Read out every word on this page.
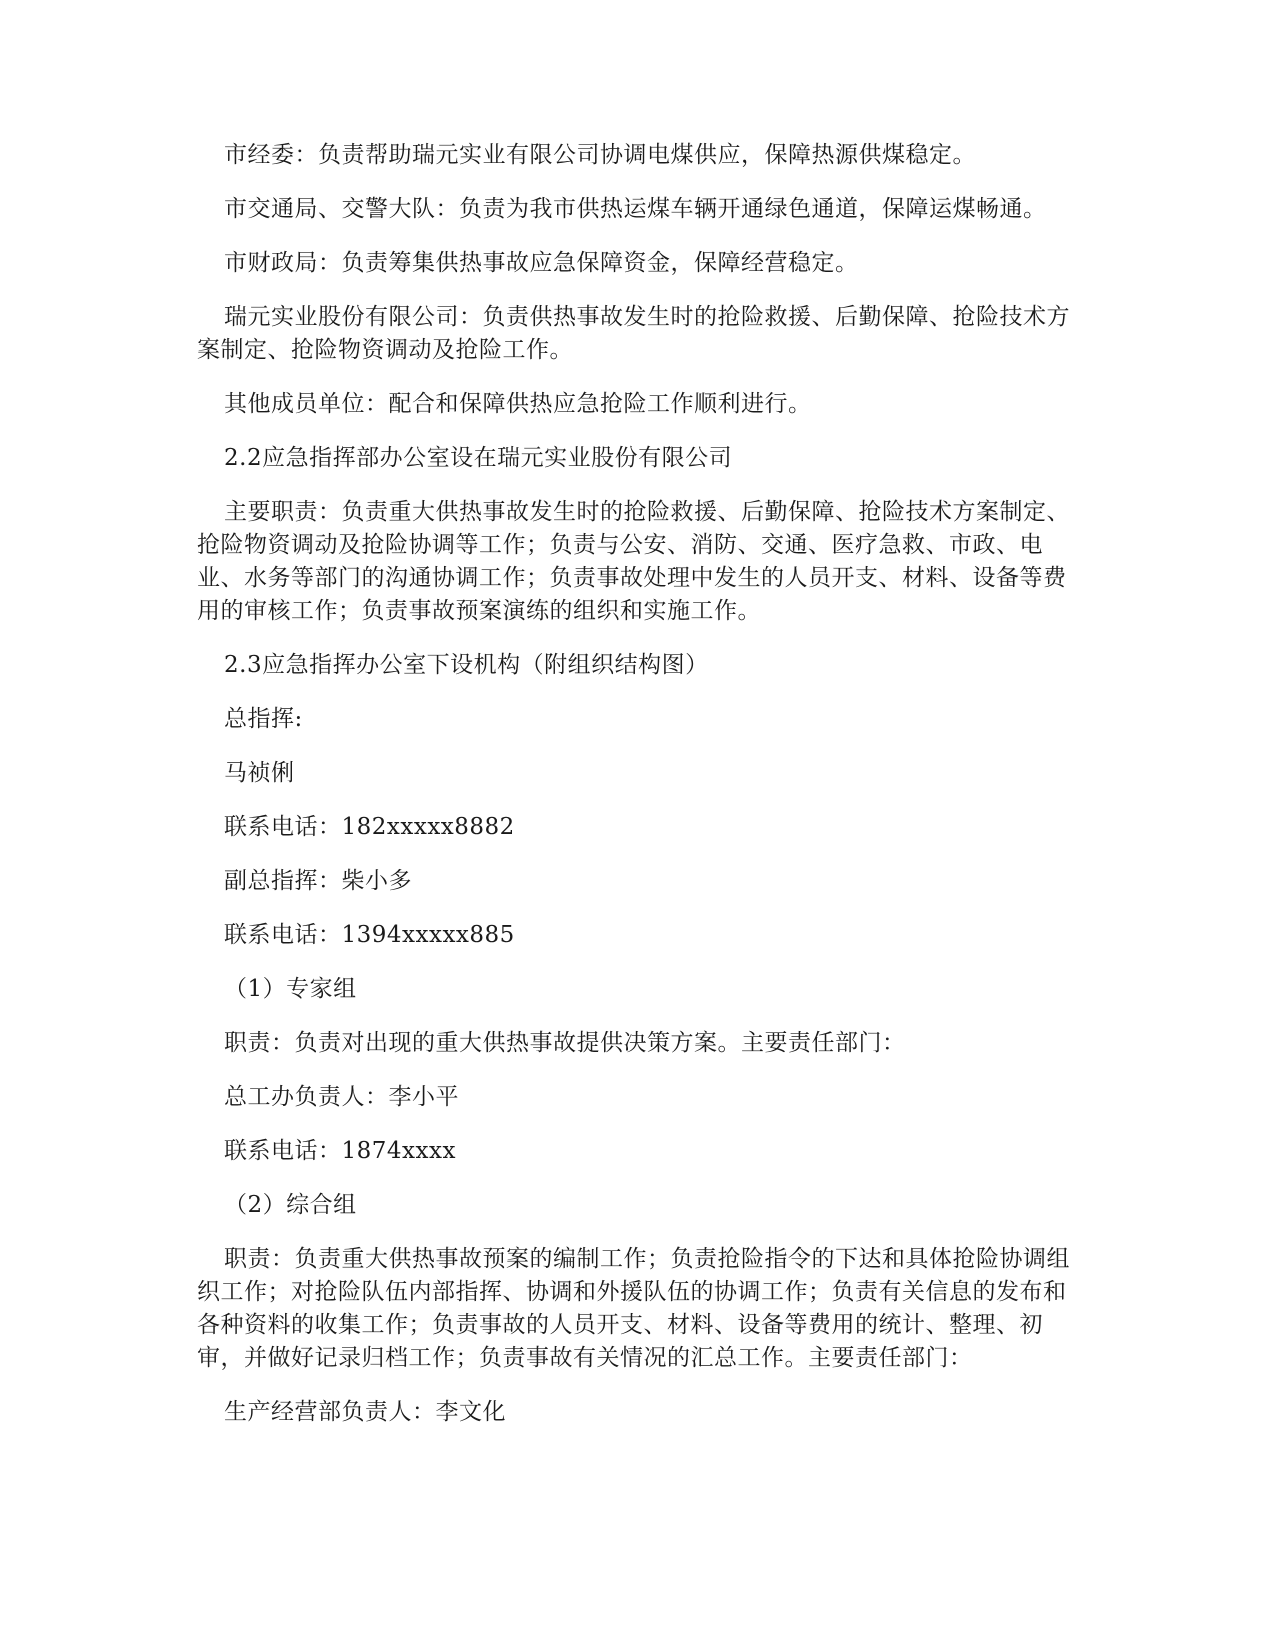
市经委：负责帮助瑞元实业有限公司协调电煤供应，保障热源供煤稳定。

市交通局、交警大队：负责为我市供热运煤车辆开通绿色通道，保障运煤畅通。

市财政局：负责筹集供热事故应急保障资金，保障经营稳定。

瑞元实业股份有限公司：负责供热事故发生时的抢险救援、后勤保障、抢险技术方案制定、抢险物资调动及抢险工作。

其他成员单位：配合和保障供热应急抢险工作顺利进行。

2.2应急指挥部办公室设在瑞元实业股份有限公司

主要职责：负责重大供热事故发生时的抢险救援、后勤保障、抢险技术方案制定、抢险物资调动及抢险协调等工作；负责与公安、消防、交通、医疗急救、市政、电业、水务等部门的沟通协调工作；负责事故处理中发生的人员开支、材料、设备等费用的审核工作；负责事故预案演练的组织和实施工作。

2.3应急指挥办公室下设机构（附组织结构图）

总指挥:

马祯俐

联系电话：182xxxxx8882

副总指挥：柴小多

联系电话：1394xxxxx885

（1）专家组

职责：负责对出现的重大供热事故提供决策方案。主要责任部门：

总工办负责人：李小平

联系电话：1874xxxx

（2）综合组

职责：负责重大供热事故预案的编制工作；负责抢险指令的下达和具体抢险协调组织工作；对抢险队伍内部指挥、协调和外援队伍的协调工作；负责有关信息的发布和各种资料的收集工作；负责事故的人员开支、材料、设备等费用的统计、整理、初审，并做好记录归档工作；负责事故有关情况的汇总工作。主要责任部门：

生产经营部负责人：李文化
